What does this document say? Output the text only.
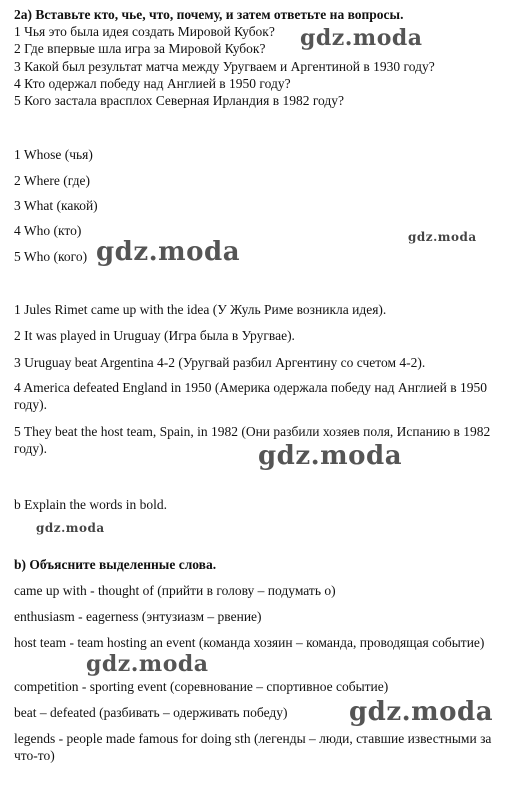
2a) Вставьте кто, чье, что, почему, и затем ответьте на вопросы.
1 Чья это была идея создать Мировой Кубок?
2 Где впервые шла игра за Мировой Кубок?
3 Какой был результат матча между Уругваем и Аргентиной в 1930 году?
4 Кто одержал победу над Англией в 1950 году?
5 Кого застала врасплох Северная Ирландия в 1982 году?
1 Whose (чья)
2 Where (где)
3 What (какой)
4 Who (кто)
5 Who (кого)
1 Jules Rimet came up with the idea (У Жуль Риме возникла идея).
2 It was played in Uruguay (Игра была в Уругвае).
3 Uruguay beat Argentina 4-2 (Уругвай разбил Аргентину со счетом 4-2).
4 America defeated England in 1950 (Америка одержала победу над Англией в 1950 году).
5 They beat the host team, Spain, in 1982 (Они разбили хозяев поля, Испанию в 1982 году).
b Explain the words in bold.
b) Объясните выделенные слова.
came up with - thought of (прийти в голову – подумать о)
enthusiasm - eagerness (энтузиазм – рвение)
host team - team hosting an event (команда хозяин – команда, проводящая событие)
competition - sporting event (соревнование – спортивное событие)
beat – defeated (разбивать – одерживать победу)
legends - people made famous for doing sth (легенды – люди, ставшие известными за что-то)
gdz.moda
gdz.moda
gdz.moda
gdz.moda
gdz.moda
gdz.moda
gdz.moda
